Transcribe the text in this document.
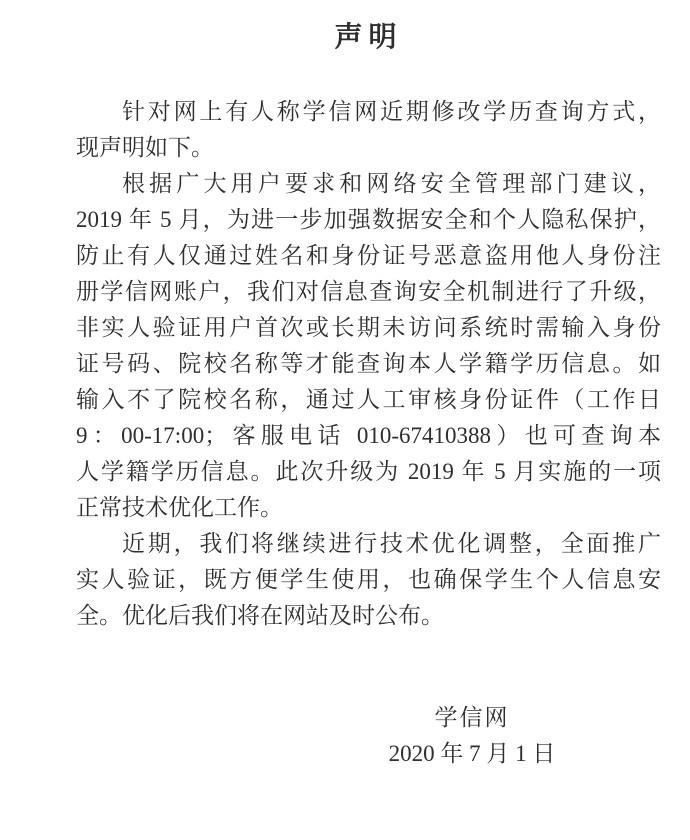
声明
针对网上有人称学信网近期修改学历查询方式，
现声明如下。
根据广大用户要求和网络安全管理部门建议，
2019 年 5 月，为进一步加强数据安全和个人隐私保护，
防止有人仅通过姓名和身份证号恶意盗用他人身份注
册学信网账户，我们对信息查询安全机制进行了升级，
非实人验证用户首次或长期未访问系统时需输入身份
证号码、院校名称等才能查询本人学籍学历信息。如
输入不了院校名称，通过人工审核身份证件（工作日
9：00-17:00；客服电话 010-67410388）也可查询本
人学籍学历信息。此次升级为 2019 年 5 月实施的一项
正常技术优化工作。
近期，我们将继续进行技术优化调整，全面推广
实人验证，既方便学生使用，也确保学生个人信息安
全。优化后我们将在网站及时公布。
学信网
2020 年 7 月 1 日
